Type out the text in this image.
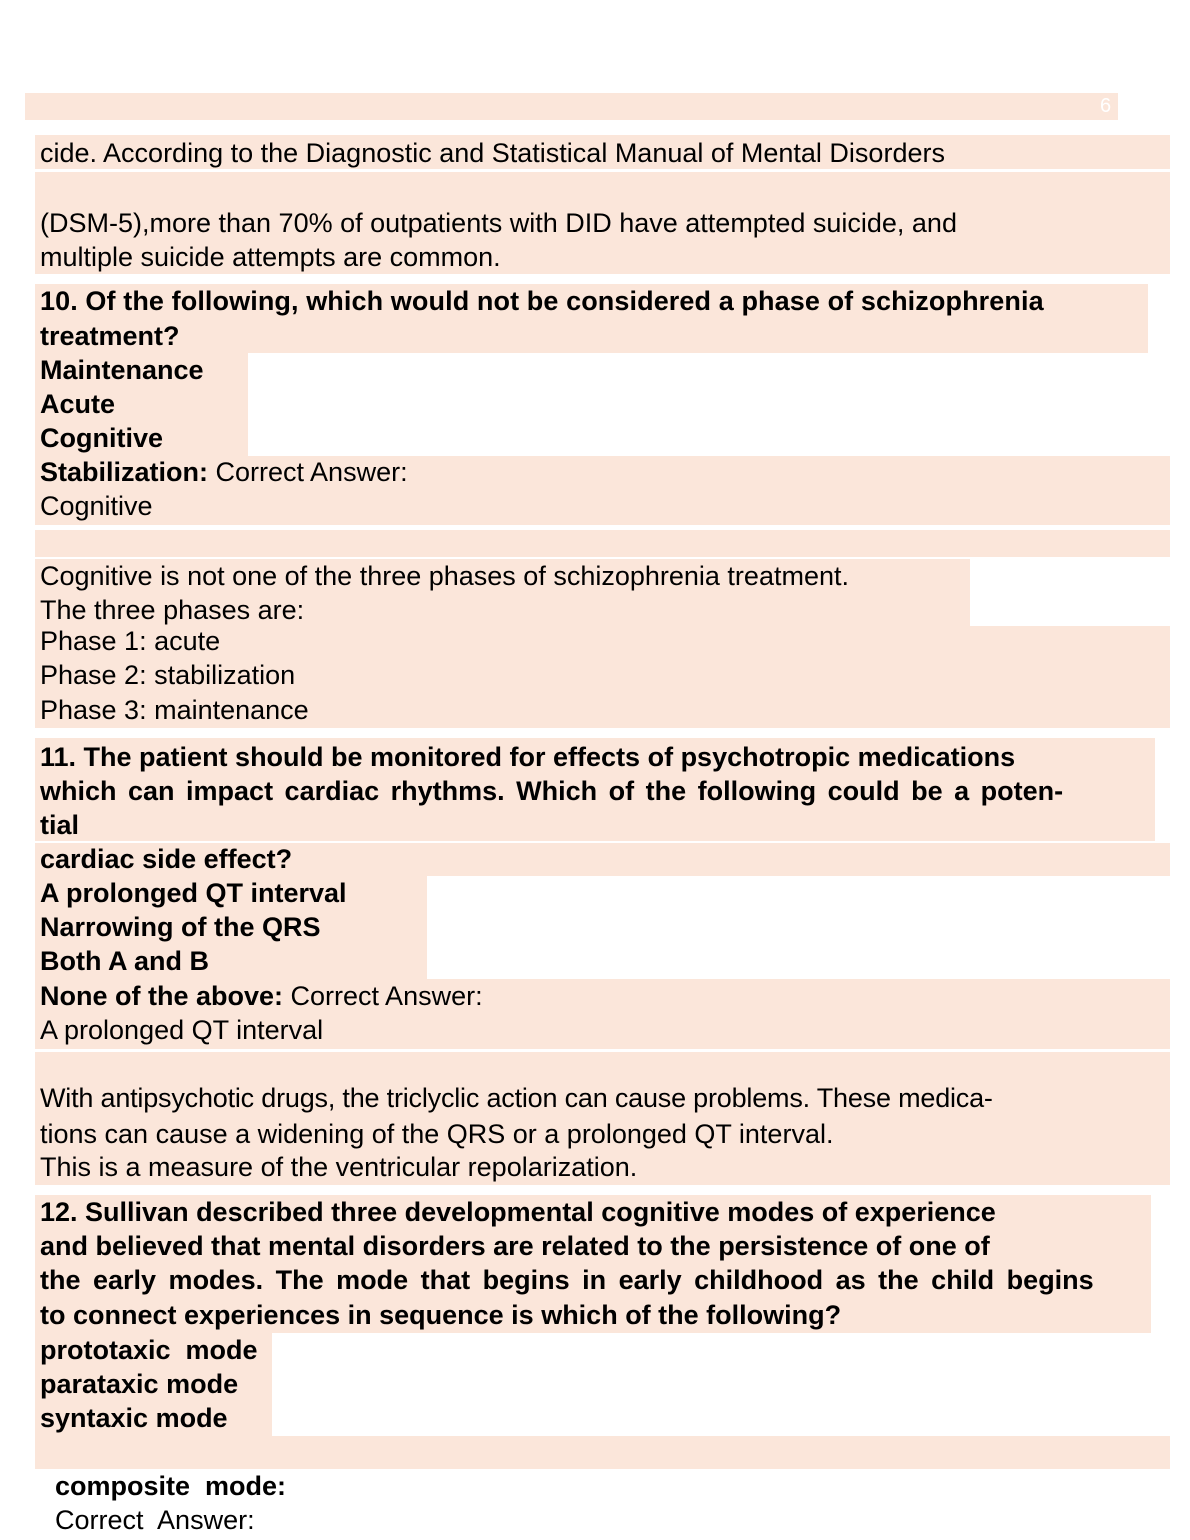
6
cide. According to the Diagnostic and Statistical Manual of Mental Disorders
(DSM-5),more than 70% of outpatients with DID have attempted suicide, and
multiple suicide attempts are common.
10. Of the following, which would not be considered a phase of schizophrenia
treatment?
Maintenance
Acute
Cognitive
Stabilization: Correct Answer:
Cognitive
Cognitive is not one of the three phases of schizophrenia treatment.
The three phases are:
Phase 1: acute
Phase 2: stabilization
Phase 3: maintenance
11. The patient should be monitored for effects of psychotropic medications
which can impact cardiac rhythms. Which of the following could be a poten-
tial
cardiac side effect?
A prolonged QT interval
Narrowing of the QRS
Both A and B
None of the above: Correct Answer:
A prolonged QT interval
With antipsychotic drugs, the triclyclic action can cause problems. These medica-
tions can cause a widening of the QRS or a prolonged QT interval.
This is a measure of the ventricular repolarization.
12. Sullivan described three developmental cognitive modes of experience
and believed that mental disorders are related to the persistence of one of
the early modes. The mode that begins in early childhood as the child begins
to connect experiences in sequence is which of the following?
prototaxic  mode
parataxic mode
syntaxic mode

composite  mode:
Correct  Answer:
